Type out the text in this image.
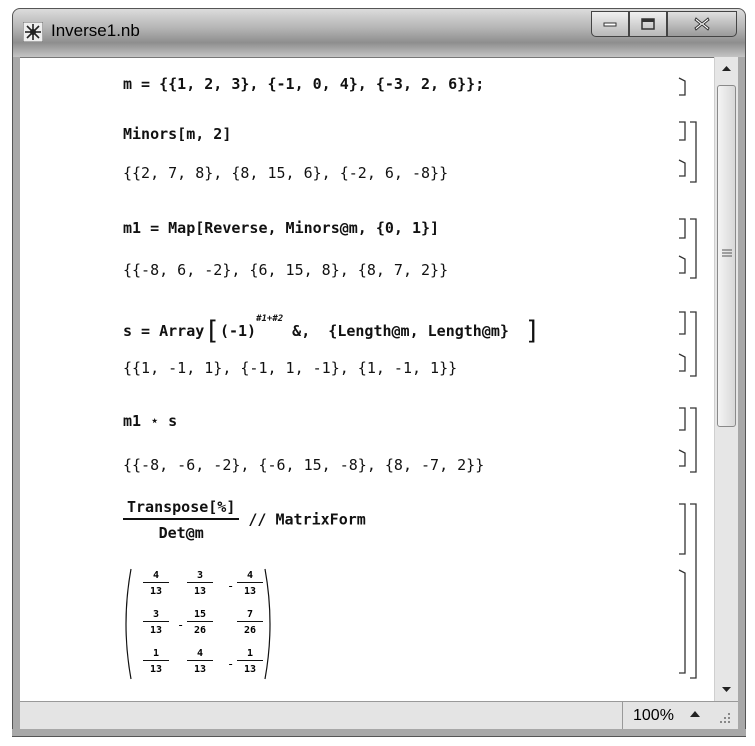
Inverse1.nb
m = {{1, 2, 3}, {-1, 0, 4}, {-3, 2, 6}};
Minors[m, 2]
{{2, 7, 8}, {8, 15, 6}, {-2, 6, -8}}
m1 = Map[Reverse, Minors@m, {0, 1}]
{{-8, 6, -2}, {6, 15, 8}, {8, 7, 2}}
$s = Array[(-1)^{\#1+\#2}$ &,  {Length@m, Length@m} ]
{{1, -1, 1}, {-1, 1, -1}, {1, -1, 1}}
m1 ⋆ s
{{-8, -6, -2}, {-6, 15, -8}, {8, -7, 2}}
$\frac{\text{Transpose[\%]}}{\text{Det@m}}$ // MatrixForm
$\frac{4}{13} \frac{3}{13} - \frac{4}{13}$
$\frac{3}{13} - \frac{15}{26} \frac{7}{26}$
$\frac{1}{13} \frac{4}{13} - \frac{1}{13}$
100%
